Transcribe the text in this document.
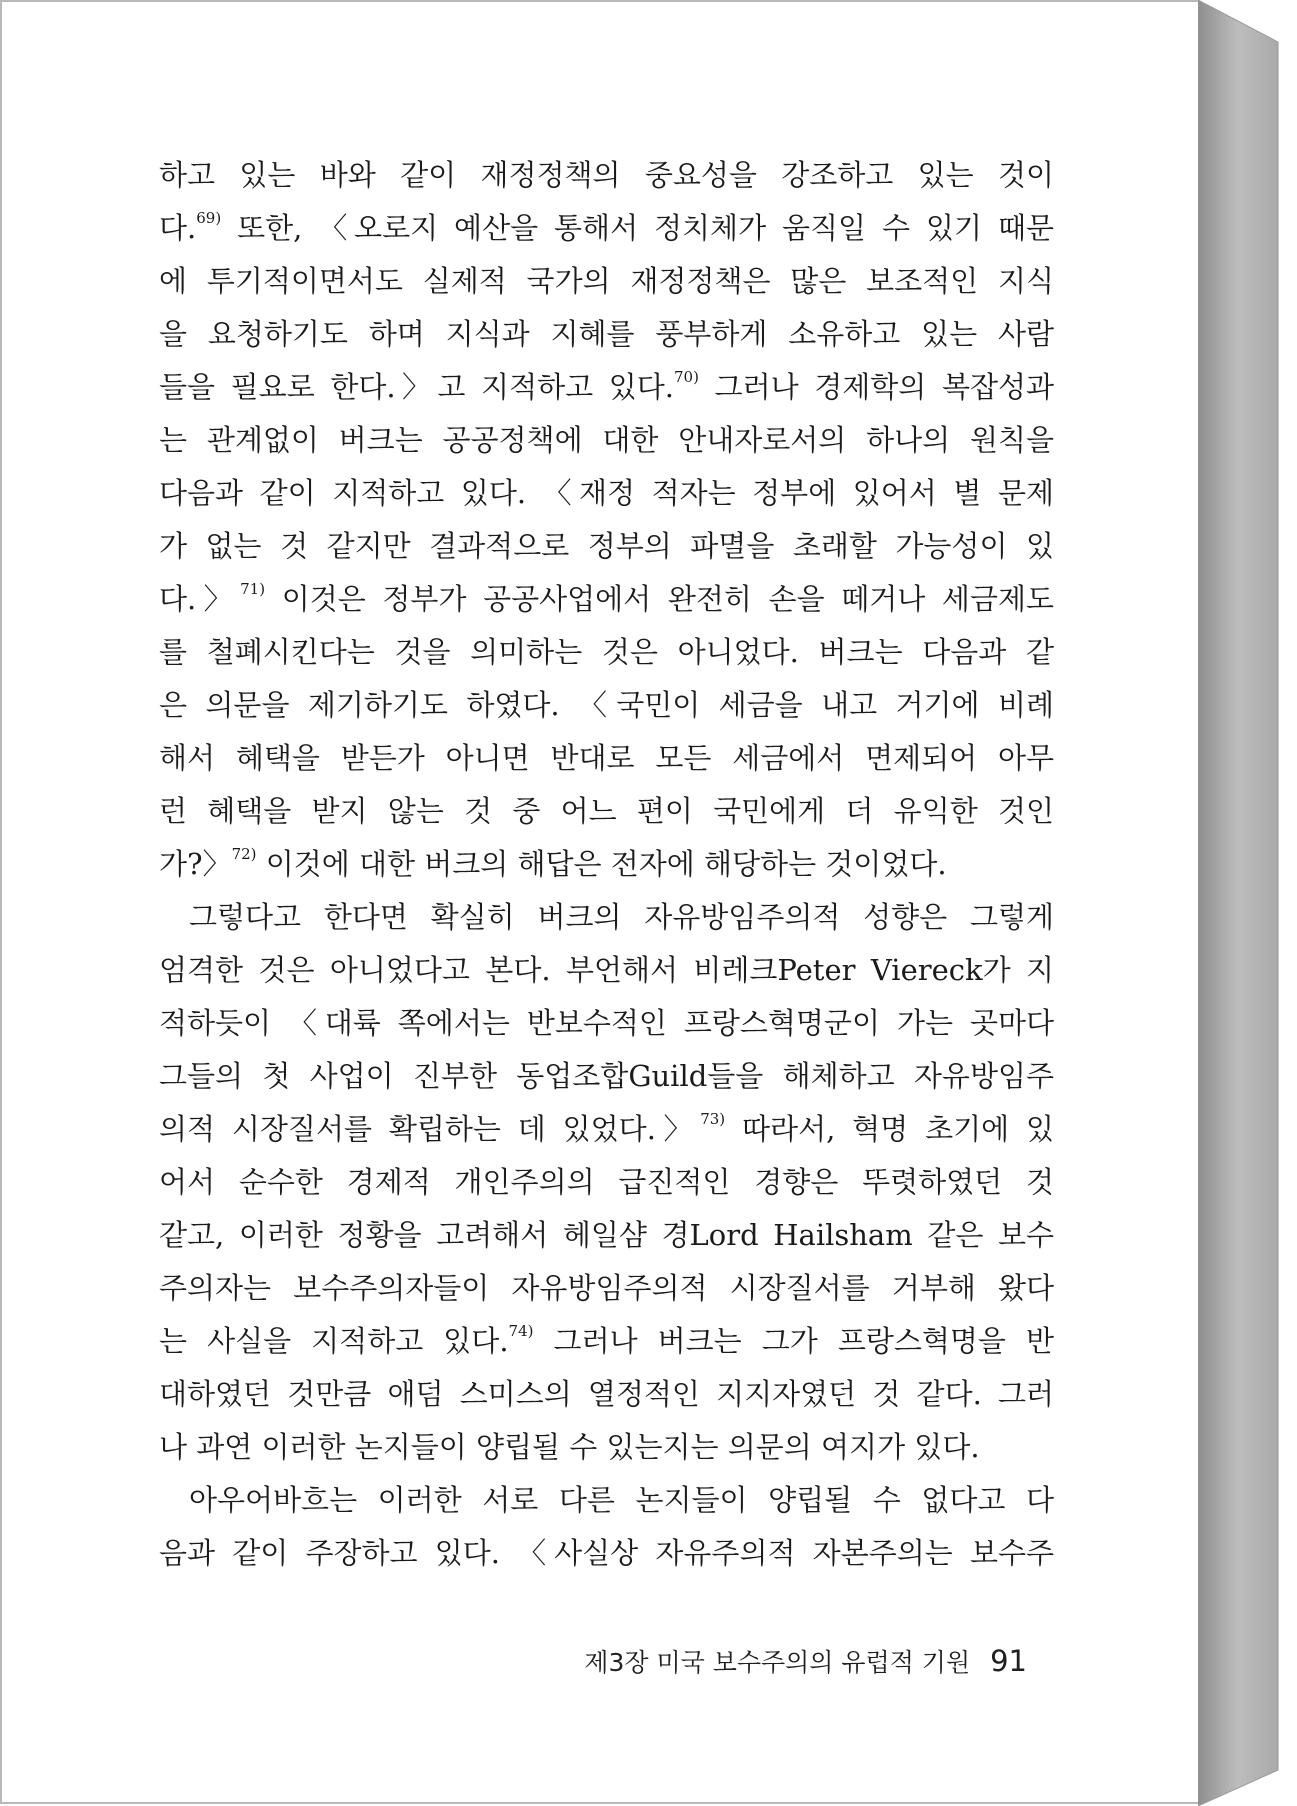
하고 있는 바와 같이 재정정책의 중요성을 강조하고 있는 것이
다.$^{69)}$ 또한, 〈오로지 예산을 통해서 정치체가 움직일 수 있기 때문
에 투기적이면서도 실제적 국가의 재정정책은 많은 보조적인 지식
을 요청하기도 하며 지식과 지혜를 풍부하게 소유하고 있는 사람
들을 필요로 한다.〉고 지적하고 있다.$^{70)}$ 그러나 경제학의 복잡성과
는 관계없이 버크는 공공정책에 대한 안내자로서의 하나의 원칙을
다음과 같이 지적하고 있다. 〈재정 적자는 정부에 있어서 별 문제
가 없는 것 같지만 결과적으로 정부의 파멸을 초래할 가능성이 있
다.〉$^{71)}$ 이것은 정부가 공공사업에서 완전히 손을 떼거나 세금제도
를 철폐시킨다는 것을 의미하는 것은 아니었다. 버크는 다음과 같
은 의문을 제기하기도 하였다. 〈국민이 세금을 내고 거기에 비례
해서 혜택을 받든가 아니면 반대로 모든 세금에서 면제되어 아무
런 혜택을 받지 않는 것 중 어느 편이 국민에게 더 유익한 것인
가?〉$^{72)}$ 이것에 대한 버크의 해답은 전자에 해당하는 것이었다.
그렇다고 한다면 확실히 버크의 자유방임주의적 성향은 그렇게
엄격한 것은 아니었다고 본다. 부언해서 비레크Peter Viereck가 지
적하듯이 〈대륙 쪽에서는 반보수적인 프랑스혁명군이 가는 곳마다
그들의 첫 사업이 진부한 동업조합Guild들을 해체하고 자유방임주
의적 시장질서를 확립하는 데 있었다.〉$^{73)}$ 따라서, 혁명 초기에 있
어서 순수한 경제적 개인주의의 급진적인 경향은 뚜렷하였던 것
같고, 이러한 정황을 고려해서 헤일샴 경Lord Hailsham 같은 보수
주의자는 보수주의자들이 자유방임주의적 시장질서를 거부해 왔다
는 사실을 지적하고 있다.$^{74)}$ 그러나 버크는 그가 프랑스혁명을 반
대하였던 것만큼 애덤 스미스의 열정적인 지지자였던 것 같다. 그러
나 과연 이러한 논지들이 양립될 수 있는지는 의문의 여지가 있다.
아우어바흐는 이러한 서로 다른 논지들이 양립될 수 없다고 다
음과 같이 주장하고 있다. 〈사실상 자유주의적 자본주의는 보수주
제3장 미국 보수주의의 유럽적 기원 91
